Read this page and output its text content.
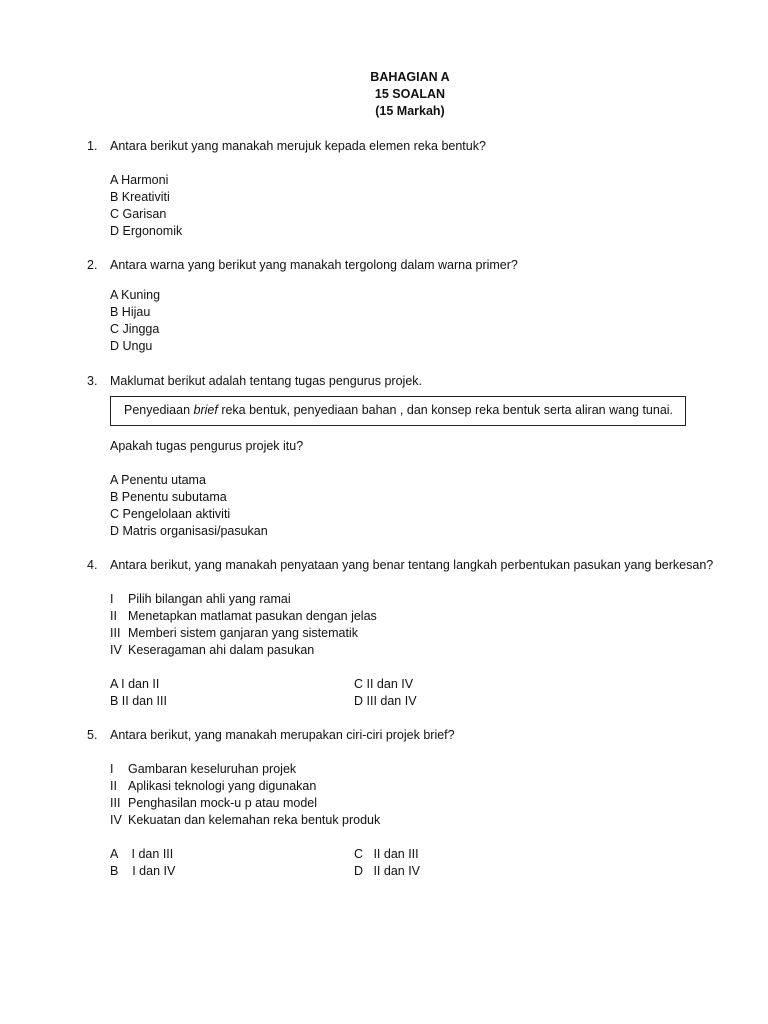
BAHAGIAN A
15 SOALAN
(15 Markah)
1. Antara berikut yang manakah merujuk kepada elemen reka bentuk?
A Harmoni
B Kreativiti
C Garisan
D Ergonomik
2. Antara warna yang berikut yang manakah tergolong dalam warna primer?
A Kuning
B Hijau
C Jingga
D Ungu
3. Maklumat berikut adalah tentang tugas pengurus projek.
Penyediaan brief reka bentuk, penyediaan bahan , dan konsep reka bentuk serta aliran wang tunai.
Apakah tugas pengurus projek itu?
A Penentu utama
B Penentu subutama
C Pengelolaan aktiviti
D Matris organisasi/pasukan
4. Antara berikut, yang manakah penyataan yang benar tentang langkah perbentukan pasukan yang berkesan?
I Pilih bilangan ahli yang ramai
II Menetapkan matlamat pasukan dengan jelas
III Memberi sistem ganjaran yang sistematik
IV Keseragaman ahi dalam pasukan
A I dan II
B II dan III
C II dan IV
D III dan IV
5. Antara berikut, yang manakah merupakan ciri-ciri projek brief?
I Gambaran keseluruhan projek
II Aplikasi teknologi yang digunakan
III Penghasilan mock-u p atau model
IV Kekuatan dan kelemahan reka bentuk produk
A    I dan III
B    I dan IV
C   II dan III
D   II dan IV
